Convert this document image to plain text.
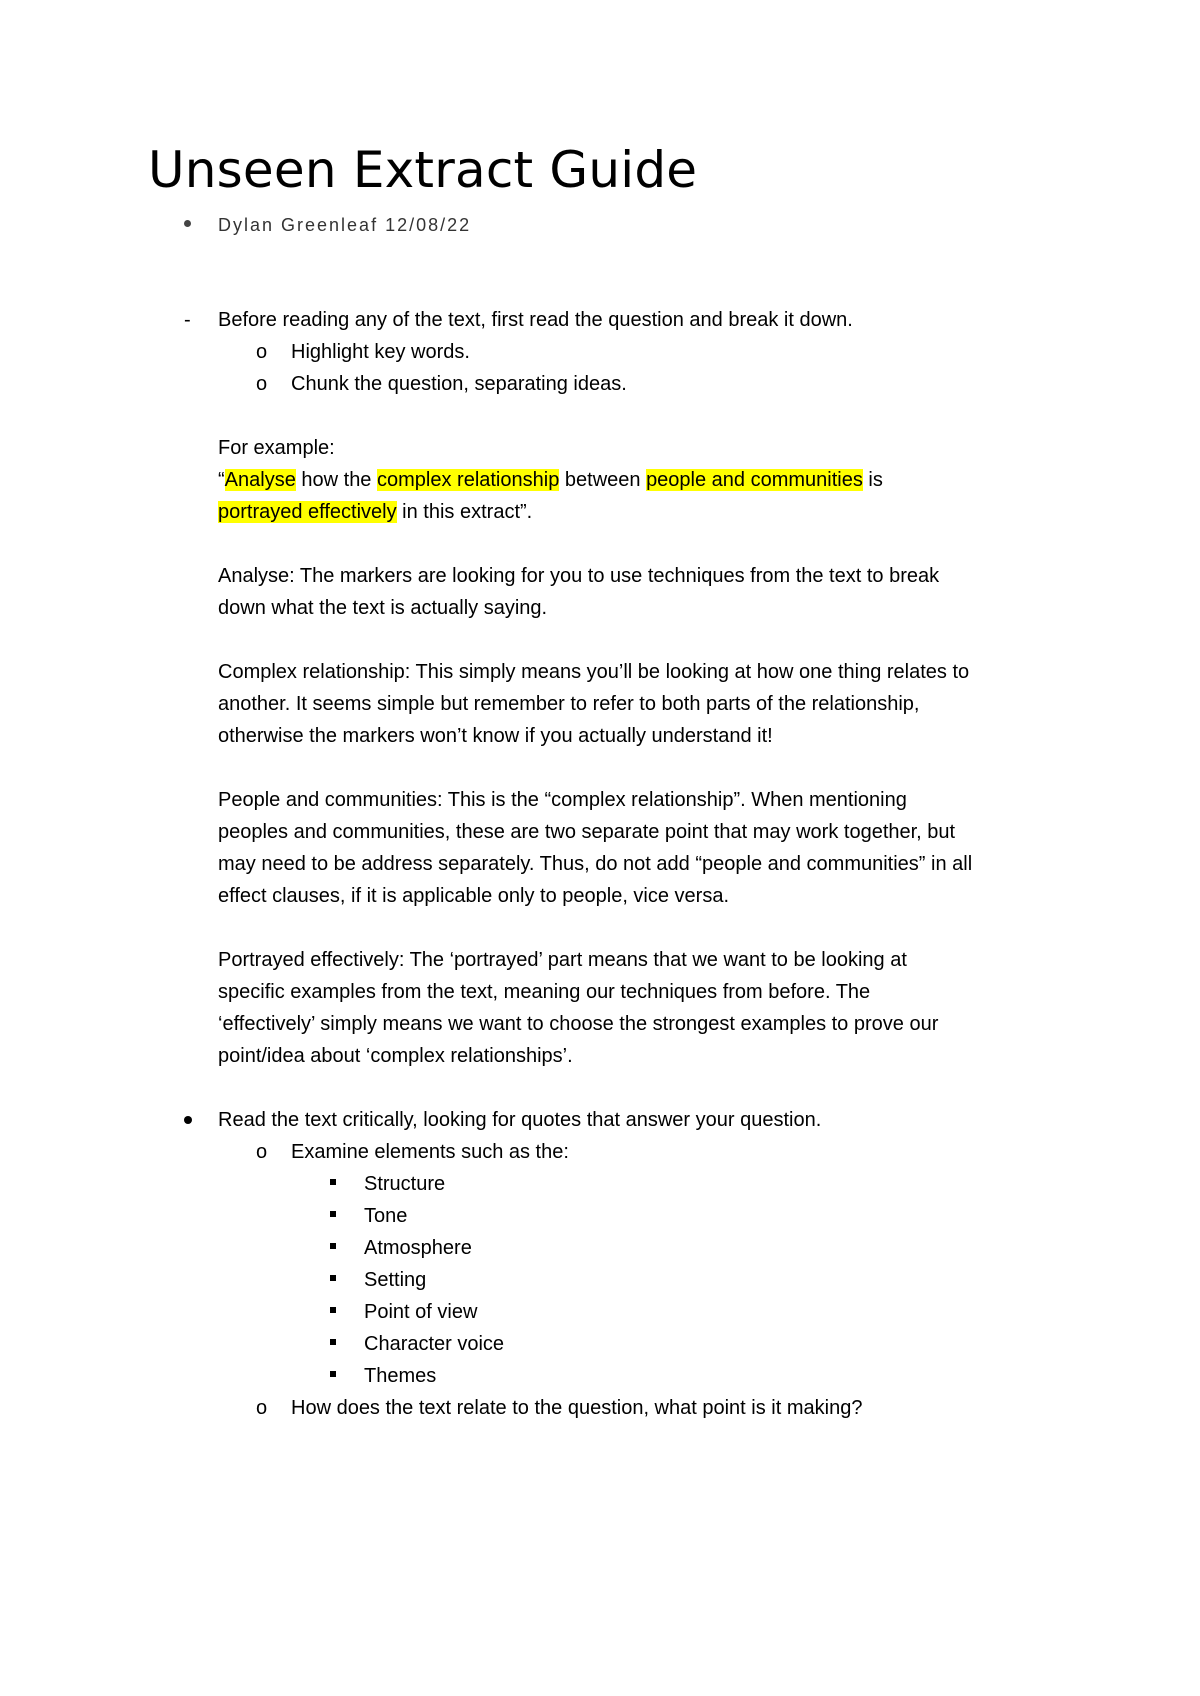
Unseen Extract Guide
Dylan Greenleaf 12/08/22
- Before reading any of the text, first read the question and break it down.
o Highlight key words.
o Chunk the question, separating ideas.
For example:
“Analyse how the complex relationship between people and communities is
portrayed effectively in this extract”.
Analyse: The markers are looking for you to use techniques from the text to break
down what the text is actually saying.
Complex relationship: This simply means you’ll be looking at how one thing relates to
another. It seems simple but remember to refer to both parts of the relationship,
otherwise the markers won’t know if you actually understand it!
People and communities: This is the “complex relationship”. When mentioning
peoples and communities, these are two separate point that may work together, but
may need to be address separately. Thus, do not add “people and communities” in all
effect clauses, if it is applicable only to people, vice versa.
Portrayed effectively: The ‘portrayed’ part means that we want to be looking at
specific examples from the text, meaning our techniques from before. The
‘effectively’ simply means we want to choose the strongest examples to prove our
point/idea about ‘complex relationships’.
Read the text critically, looking for quotes that answer your question.
o Examine elements such as the:
Structure
Tone
Atmosphere
Setting
Point of view
Character voice
Themes
o How does the text relate to the question, what point is it making?
